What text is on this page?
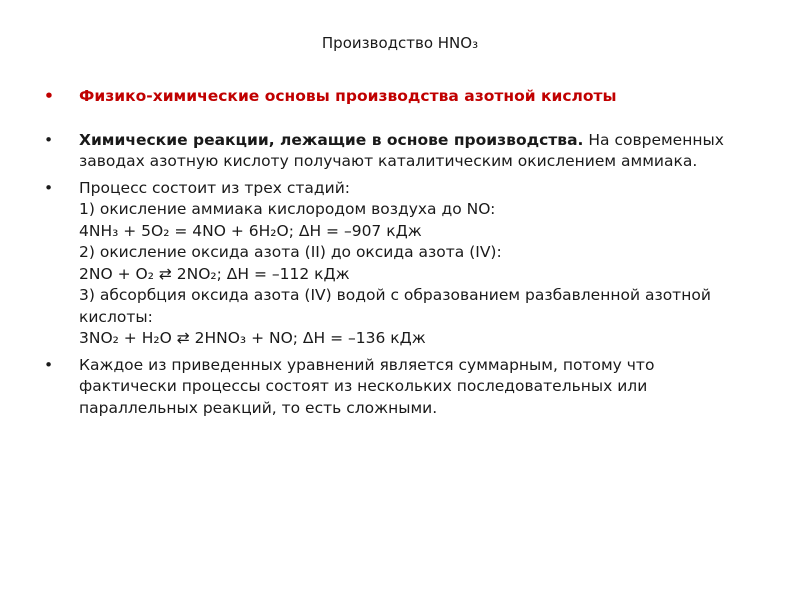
Производство HNO₃
•	Физико-химические основы производства азотной кислоты
•	Химические реакции, лежащие в основе производства. На современных заводах азотную кислоту получают каталитическим окислением аммиака.
•	Процесс состоит из трех стадий:
1) окисление аммиака кислородом воздуха до NO:
4NH₃ + 5O₂ = 4NO + 6H₂O; ΔH = –907 кДж
2) окисление оксида азота (II) до оксида азота (IV):
2NO + O₂ ⇄ 2NO₂; ΔH = –112 кДж
3) абсорбция оксида азота (IV) водой с образованием разбавленной азотной кислоты:
3NO₂ + H₂O ⇄ 2HNO₃ + NO; ΔH = –136 кДж
•	Каждое из приведенных уравнений является суммарным, потому что фактически процессы состоят из нескольких последовательных или параллельных реакций, то есть сложными.
